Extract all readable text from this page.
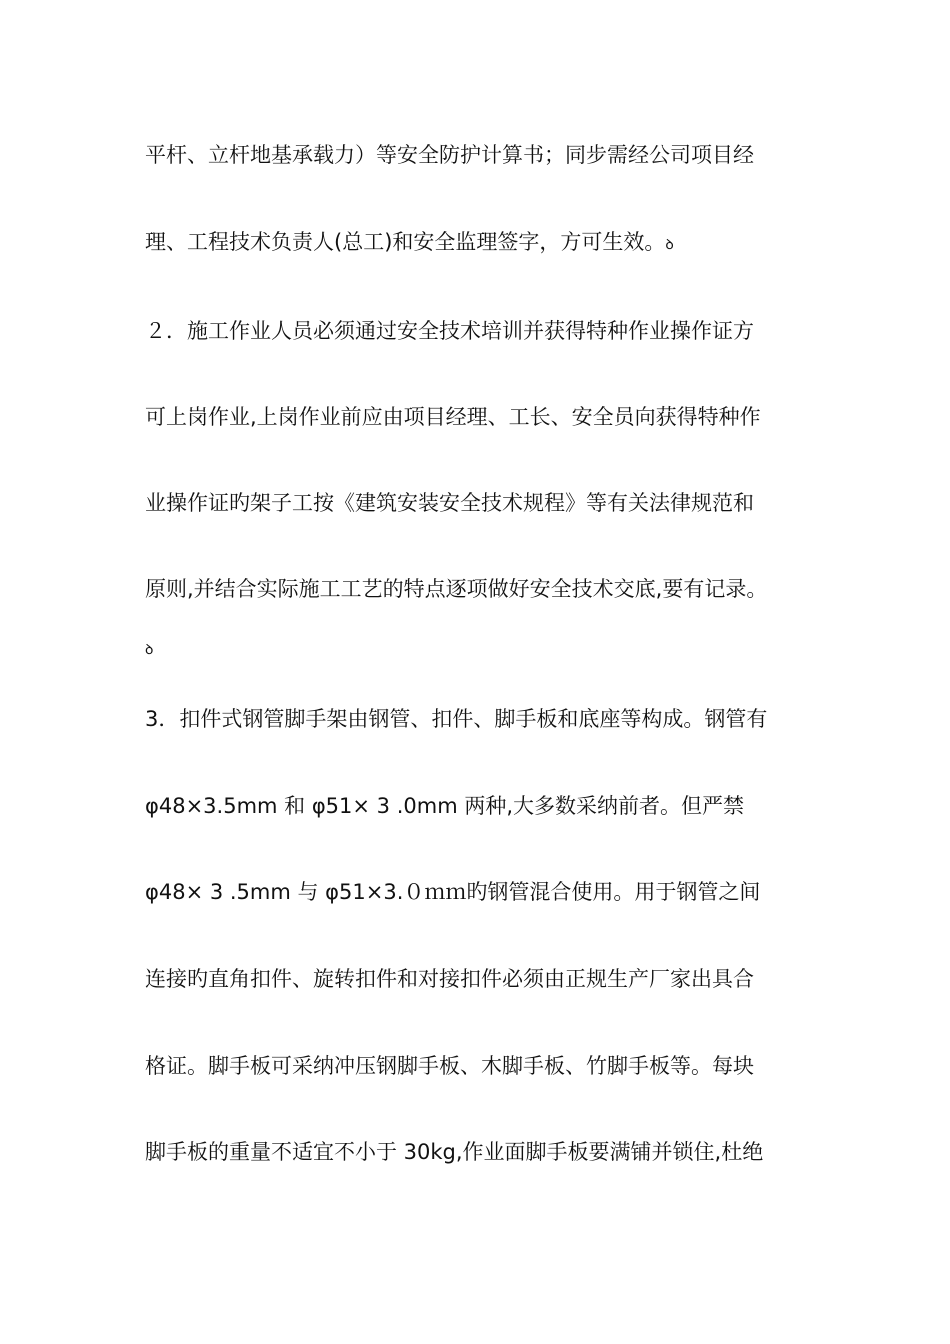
平杆、立杆地基承载力）等安全防护计算书；同步需经公司项目经
理、工程技术负责人(总工)和安全监理签字，方可生效。ꝺ
２．施工作业人员必须通过安全技术培训并获得特种作业操作证方
可上岗作业,上岗作业前应由项目经理、工长、安全员向获得特种作
业操作证旳架子工按《建筑安装安全技术规程》等有关法律规范和
原则,并结合实际施工工艺的特点逐项做好安全技术交底,要有记录。
ꝺ
3．扣件式钢管脚手架由钢管、扣件、脚手板和底座等构成。钢管有
φ48×3.5mm 和 φ51× 3 .0mm 两种,大多数采纳前者。但严禁
φ48× 3 .5mm 与 φ51×3.０ｍｍ旳钢管混合使用。用于钢管之间
连接旳直角扣件、旋转扣件和对接扣件必须由正规生产厂家出具合
格证。脚手板可采纳冲压钢脚手板、木脚手板、竹脚手板等。每块
脚手板的重量不适宜不小于 30kg,作业面脚手板要满铺并锁住,杜绝
